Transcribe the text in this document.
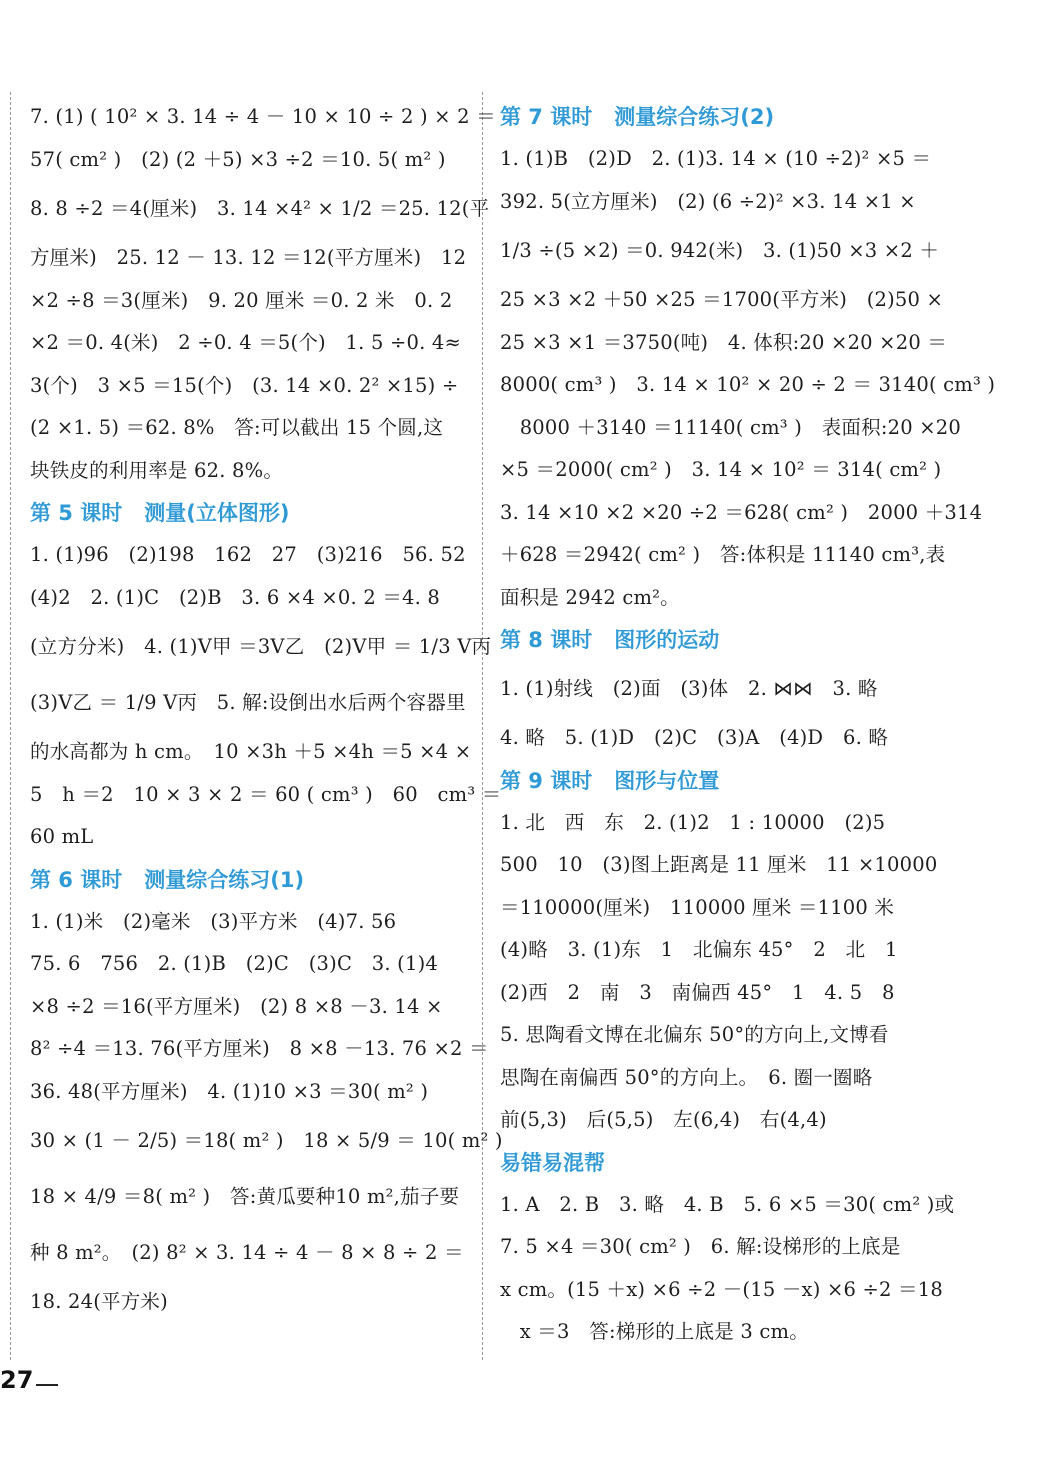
7. (1) ( 10² × 3. 14 ÷ 4 － 10 × 10 ÷ 2 ) × 2 ＝
57( cm² )　(2) (2 ＋5) ×3 ÷2 ＝10. 5( m² )
8. 8 ÷2 ＝4(厘米)　3. 14 ×4² × 1/2 ＝25. 12(平
方厘米)　25. 12 － 13. 12 ＝12(平方厘米)　12
×2 ÷8 ＝3(厘米)　9. 20 厘米 ＝0. 2 米　0. 2
×2 ＝0. 4(米)　2 ÷0. 4 ＝5(个)　1. 5 ÷0. 4≈
3(个)　3 ×5 ＝15(个)　(3. 14 ×0. 2² ×15) ÷
(2 ×1. 5) ＝62. 8%　答:可以截出 15 个圆,这
块铁皮的利用率是 62. 8%。
第 5 课时 测量(立体图形)
1. (1)96　(2)198　162　27　(3)216　56. 52
(4)2　2. (1)C　(2)B　3. 6 ×4 ×0. 2 ＝4. 8
(立方分米)　4. (1)V甲 ＝3V乙　(2)V甲 ＝ 1/3 V丙
(3)V乙 ＝ 1/9 V丙　5. 解:设倒出水后两个容器里
的水高都为 h cm。　10 ×3h ＋5 ×4h ＝5 ×4 ×
5　h ＝2　10 × 3 × 2 ＝ 60 ( cm³ )　60　cm³ ＝
60 mL
第 6 课时 测量综合练习(1)
1. (1)米　(2)毫米　(3)平方米　(4)7. 56
75. 6　756　2. (1)B　(2)C　(3)C　3. (1)4
×8 ÷2 ＝16(平方厘米)　(2) 8 ×8 －3. 14 ×
8² ÷4 ＝13. 76(平方厘米)　8 ×8 －13. 76 ×2 ＝
36. 48(平方厘米)　4. (1)10 ×3 ＝30( m² )
30 × (1 － 2/5) ＝18( m² )　18 × 5/9 ＝ 10( m² )
18 × 4/9 ＝8( m² )　答:黄瓜要种10 m²,茄子要
种 8 m²。　(2) 8² × 3. 14 ÷ 4 － 8 × 8 ÷ 2 ＝
18. 24(平方米)
第 7 课时 测量综合练习(2)
1. (1)B　(2)D　2. (1)3. 14 × (10 ÷2)² ×5 ＝
392. 5(立方厘米)　(2) (6 ÷2)² ×3. 14 ×1 ×
1/3 ÷(5 ×2) ＝0. 942(米)　3. (1)50 ×3 ×2 ＋
25 ×3 ×2 ＋50 ×25 ＝1700(平方米)　(2)50 ×
25 ×3 ×1 ＝3750(吨)　4. 体积:20 ×20 ×20 ＝
8000( cm³ )　3. 14 × 10² × 20 ÷ 2 ＝ 3140( cm³ )
　8000 ＋3140 ＝11140( cm³ )　表面积:20 ×20
×5 ＝2000( cm² )　3. 14 × 10² ＝ 314( cm² )
3. 14 ×10 ×2 ×20 ÷2 ＝628( cm² )　2000 ＋314
＋628 ＝2942( cm² )　答:体积是 11140 cm³,表
面积是 2942 cm²。
第 8 课时 图形的运动
1. (1)射线　(2)面　(3)体　2. ⋈⋈　3. 略
4. 略　5. (1)D　(2)C　(3)A　(4)D　6. 略
第 9 课时 图形与位置
1. 北　西　东　2. (1)2　1 : 10000　(2)5
500　10　(3)图上距离是 11 厘米　11 ×10000
＝110000(厘米)　110000 厘米 ＝1100 米
(4)略　3. (1)东　1　北偏东 45°　2　北　1
(2)西　2　南　3　南偏西 45°　1　4. 5　8
5. 思陶看文博在北偏东 50°的方向上,文博看
思陶在南偏西 50°的方向上。　6. 圈一圈略
前(5,3)　后(5,5)　左(6,4)　右(4,4)
易错易混帮
1. A　2. B　3. 略　4. B　5. 6 ×5 ＝30( cm² )或
7. 5 ×4 ＝30( cm² )　6. 解:设梯形的上底是
x cm。(15 ＋x) ×6 ÷2 －(15 －x) ×6 ÷2 ＝18
　x ＝3　答:梯形的上底是 3 cm。
27
